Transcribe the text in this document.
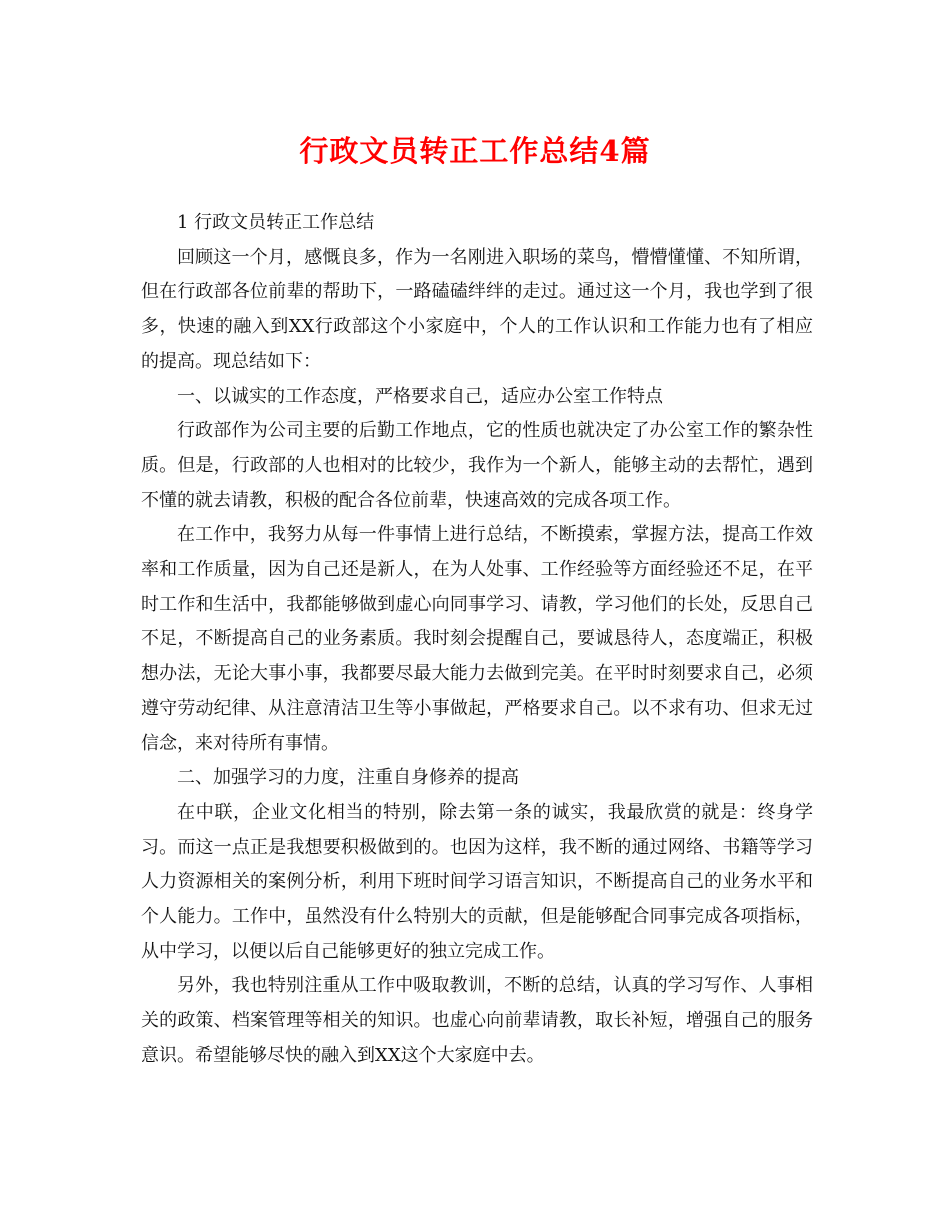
行政文员转正工作总结4篇

1 行政文员转正工作总结

回顾这一个月，感慨良多，作为一名刚进入职场的菜鸟，懵懵懂懂、不知所谓，但在行政部各位前辈的帮助下，一路磕磕绊绊的走过。通过这一个月，我也学到了很多，快速的融入到XX行政部这个小家庭中，个人的工作认识和工作能力也有了相应的提高。现总结如下：

一、以诚实的工作态度，严格要求自己，适应办公室工作特点

行政部作为公司主要的后勤工作地点，它的性质也就决定了办公室工作的繁杂性质。但是，行政部的人也相对的比较少，我作为一个新人，能够主动的去帮忙，遇到不懂的就去请教，积极的配合各位前辈，快速高效的完成各项工作。

在工作中，我努力从每一件事情上进行总结，不断摸索，掌握方法，提高工作效率和工作质量，因为自己还是新人，在为人处事、工作经验等方面经验还不足，在平时工作和生活中，我都能够做到虚心向同事学习、请教，学习他们的长处，反思自己不足，不断提高自己的业务素质。我时刻会提醒自己，要诚恳待人，态度端正，积极想办法，无论大事小事，我都要尽最大能力去做到完美。在平时时刻要求自己，必须遵守劳动纪律、从注意清洁卫生等小事做起，严格要求自己。以不求有功、但求无过信念，来对待所有事情。

二、加强学习的力度，注重自身修养的提高

在中联，企业文化相当的特别，除去第一条的诚实，我最欣赏的就是：终身学习。而这一点正是我想要积极做到的。也因为这样，我不断的通过网络、书籍等学习人力资源相关的案例分析，利用下班时间学习语言知识，不断提高自己的业务水平和个人能力。工作中，虽然没有什么特别大的贡献，但是能够配合同事完成各项指标，从中学习，以便以后自己能够更好的独立完成工作。

另外，我也特别注重从工作中吸取教训，不断的总结，认真的学习写作、人事相关的政策、档案管理等相关的知识。也虚心向前辈请教，取长补短，增强自己的服务意识。希望能够尽快的融入到XX这个大家庭中去。
